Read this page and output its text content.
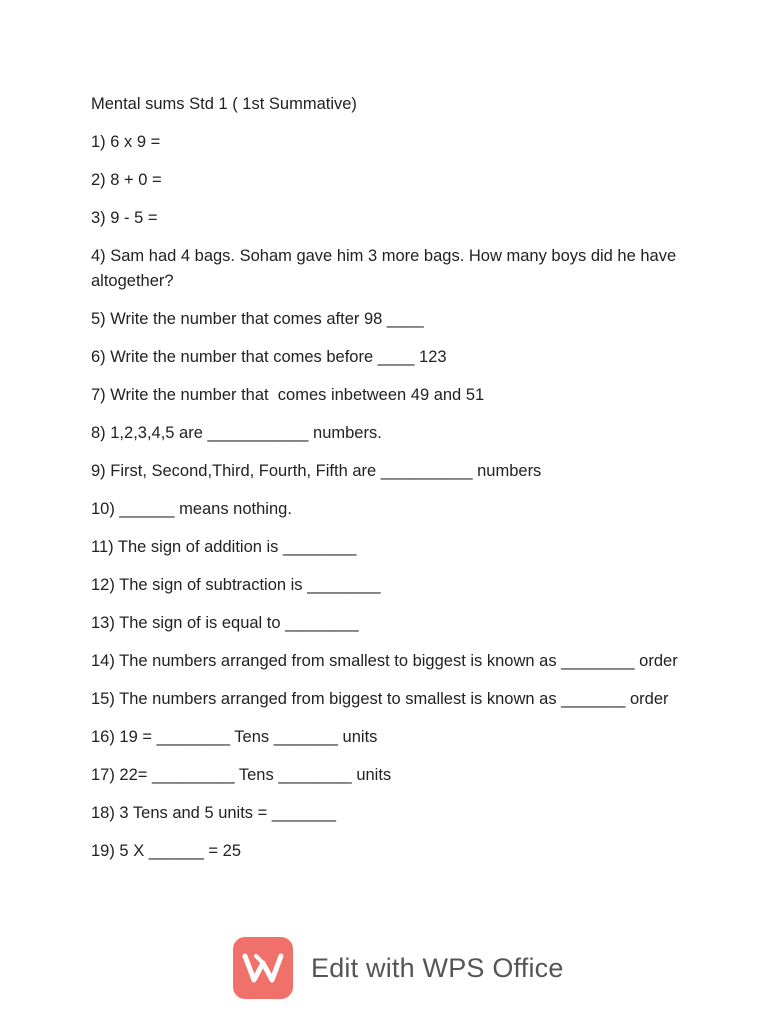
Mental sums Std 1 ( 1st Summative)
1) 6 x 9 =
2) 8 + 0 =
3) 9 - 5 =
4) Sam had 4 bags. Soham gave him 3 more bags. How many boys did he have altogether?
5) Write the number that comes after 98 ____
6) Write the number that comes before ____ 123
7) Write the number that  comes inbetween 49 and 51
8) 1,2,3,4,5 are ___________ numbers.
9) First, Second,Third, Fourth, Fifth are __________ numbers
10) ______ means nothing.
11) The sign of addition is ________
12) The sign of subtraction is ________
13) The sign of is equal to ________
14) The numbers arranged from smallest to biggest is known as ________ order
15) The numbers arranged from biggest to smallest is known as _______ order
16) 19 = ________ Tens _______ units
17) 22= _________ Tens ________ units
18) 3 Tens and 5 units = _______
19) 5 X ______ = 25
Edit with WPS Office
